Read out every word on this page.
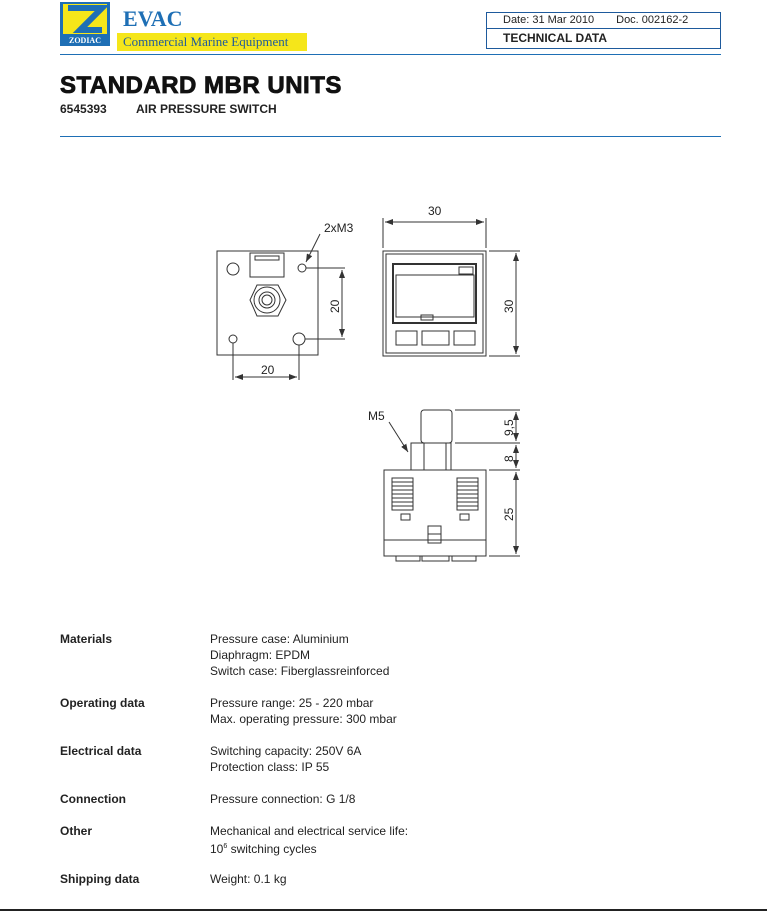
ZODIAC
EVAC
Commercial Marine Equipment
Date: 31 Mar 2010 Doc. 002162-2
TECHNICAL DATA
STANDARD MBR UNITS
6545393 AIR PRESSURE SWITCH
2xM3
20
20
30
30
M5
9,5
8
25
Materials	Pressure case: Aluminium
Diaphragm: EPDM
Switch case: Fiberglassreinforced
Operating data	Pressure range: 25 - 220 mbar
Max. operating pressure: 300 mbar
Electrical data	Switching capacity: 250V 6A
Protection class: IP 55
Connection	Pressure connection: G 1/8
Other	Mechanical and electrical service life:
$10^6$ switching cycles
Shipping data	Weight: 0.1 kg
